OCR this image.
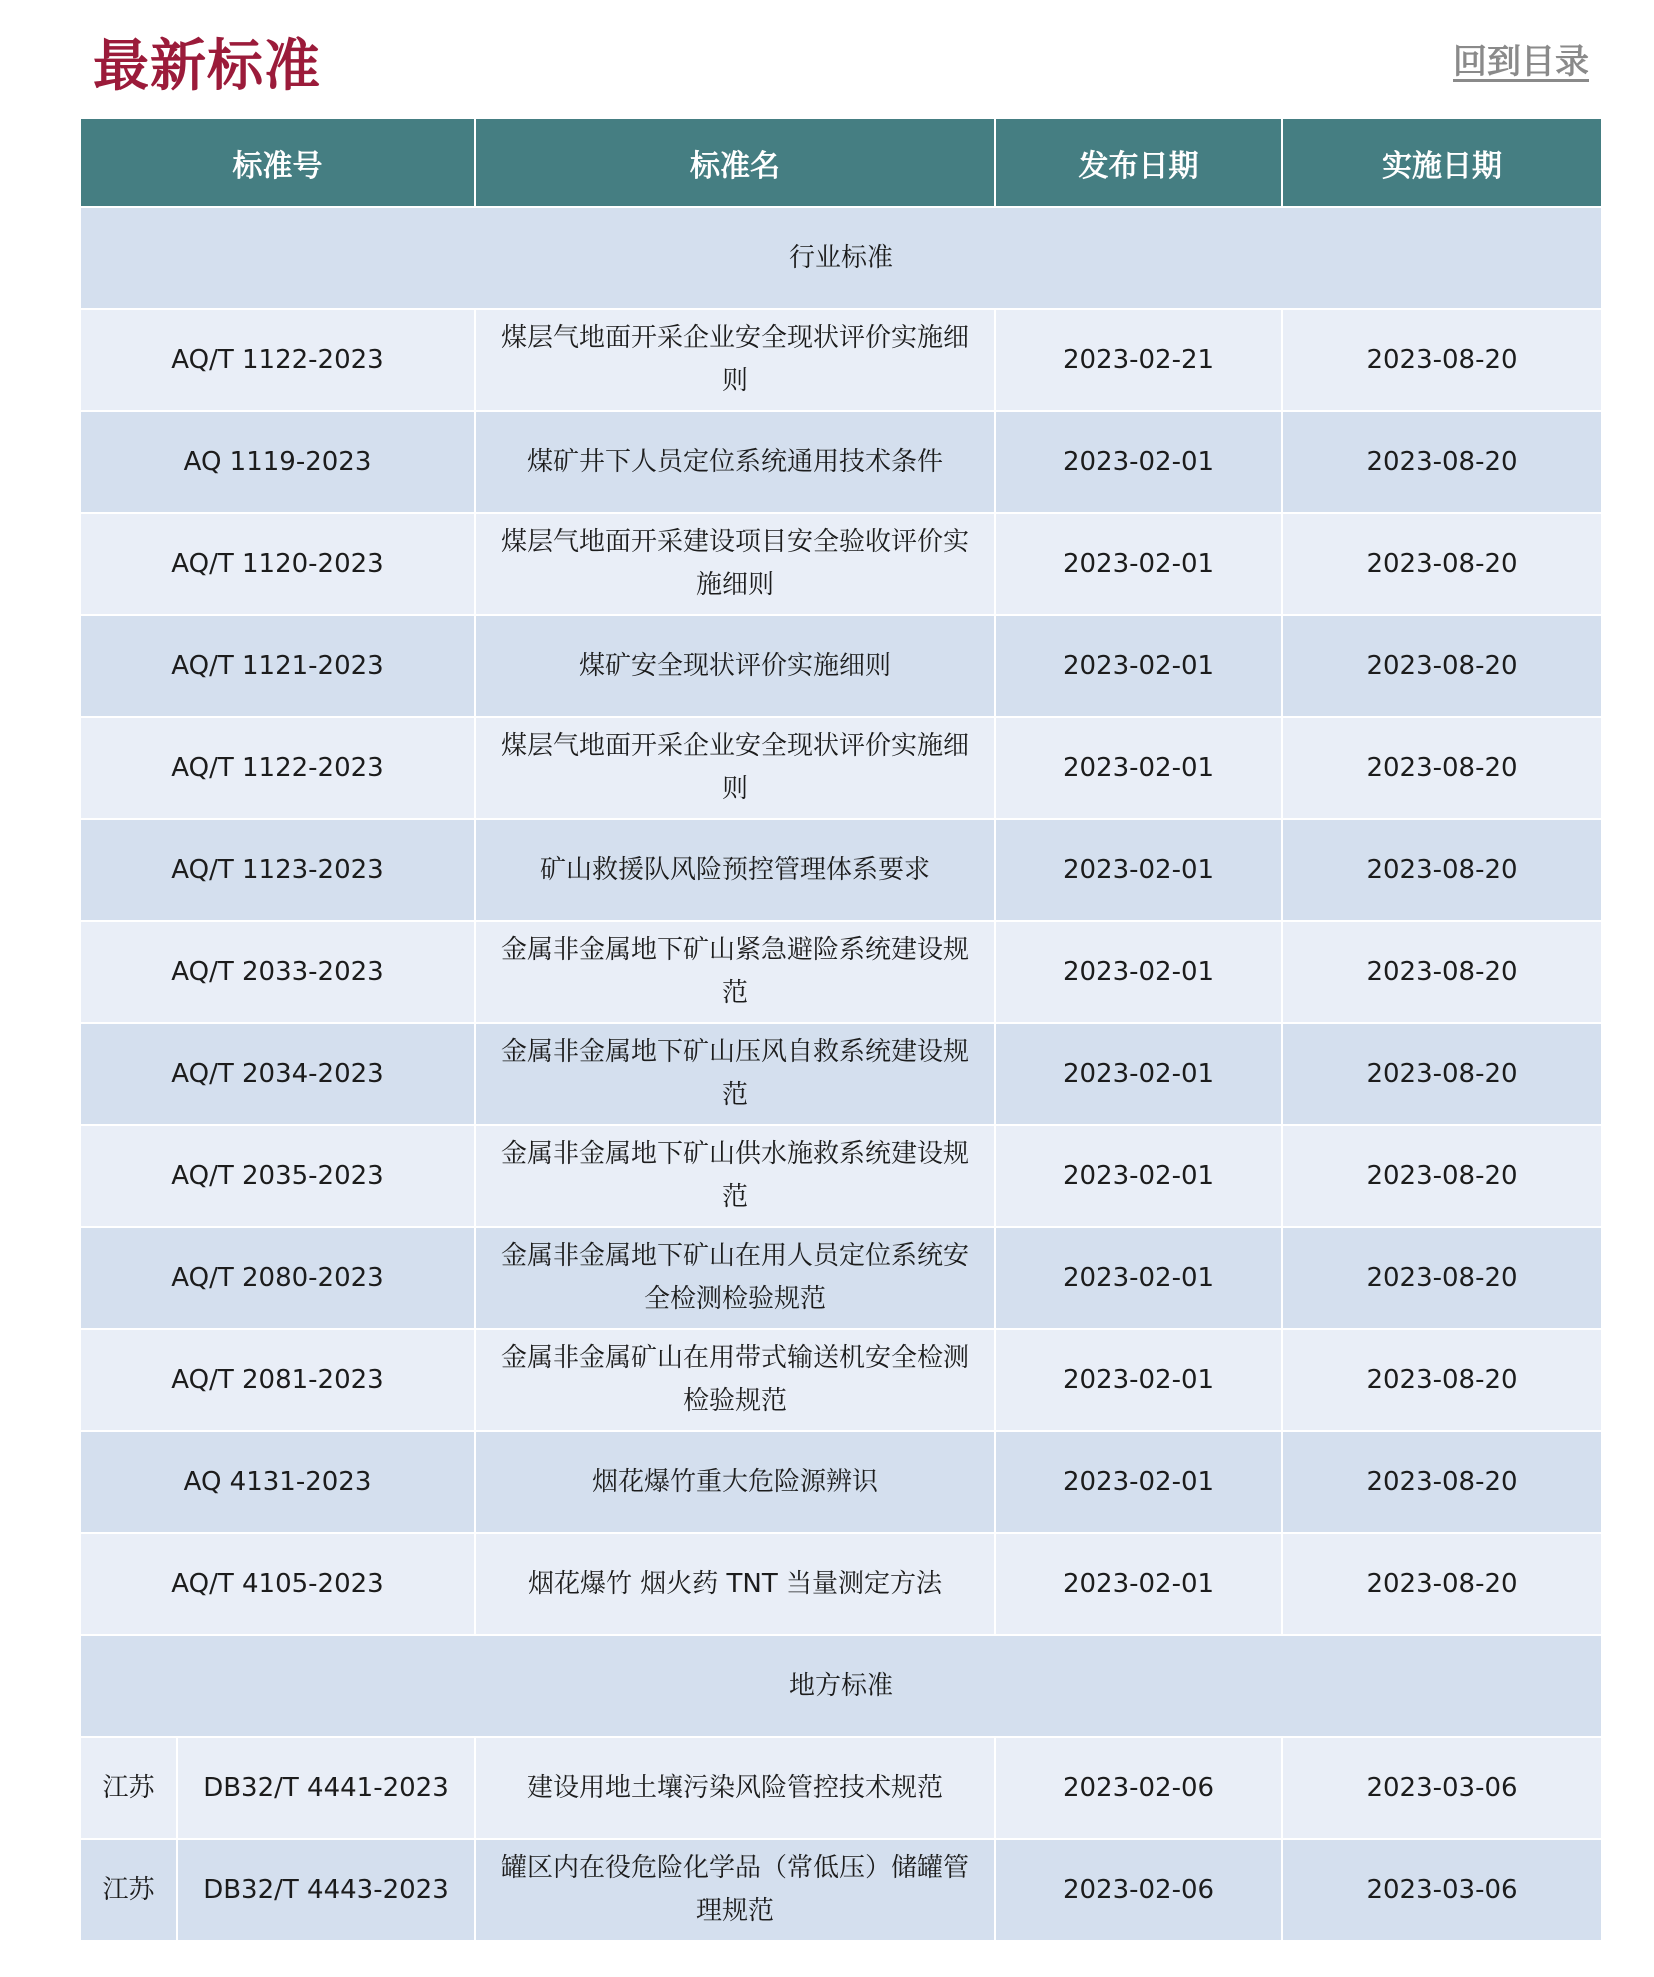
最新标准	回到目录
标准号		标准名	发布日期	实施日期
行业标准				
AQ/T 1122-2023		煤层气地面开采企业安全现状评价实施细则	2023-02-21	2023-08-20
AQ 1119-2023		煤矿井下人员定位系统通用技术条件	2023-02-01	2023-08-20
AQ/T 1120-2023		煤层气地面开采建设项目安全验收评价实施细则	2023-02-01	2023-08-20
AQ/T 1121-2023		煤矿安全现状评价实施细则	2023-02-01	2023-08-20
AQ/T 1122-2023		煤层气地面开采企业安全现状评价实施细则	2023-02-01	2023-08-20
AQ/T 1123-2023		矿山救援队风险预控管理体系要求	2023-02-01	2023-08-20
AQ/T 2033-2023		金属非金属地下矿山紧急避险系统建设规范	2023-02-01	2023-08-20
AQ/T 2034-2023		金属非金属地下矿山压风自救系统建设规范	2023-02-01	2023-08-20
AQ/T 2035-2023		金属非金属地下矿山供水施救系统建设规范	2023-02-01	2023-08-20
AQ/T 2080-2023		金属非金属地下矿山在用人员定位系统安全检测检验规范	2023-02-01	2023-08-20
AQ/T 2081-2023		金属非金属矿山在用带式输送机安全检测检验规范	2023-02-01	2023-08-20
AQ 4131-2023		烟花爆竹重大危险源辨识	2023-02-01	2023-08-20
AQ/T 4105-2023		烟花爆竹 烟火药 TNT 当量测定方法	2023-02-01	2023-08-20
地方标准				
江苏	DB32/T 4441-2023	建设用地土壤污染风险管控技术规范	2023-02-06	2023-03-06
江苏	DB32/T 4443-2023	罐区内在役危险化学品（常低压）储罐管理规范	2023-02-06	2023-03-06
